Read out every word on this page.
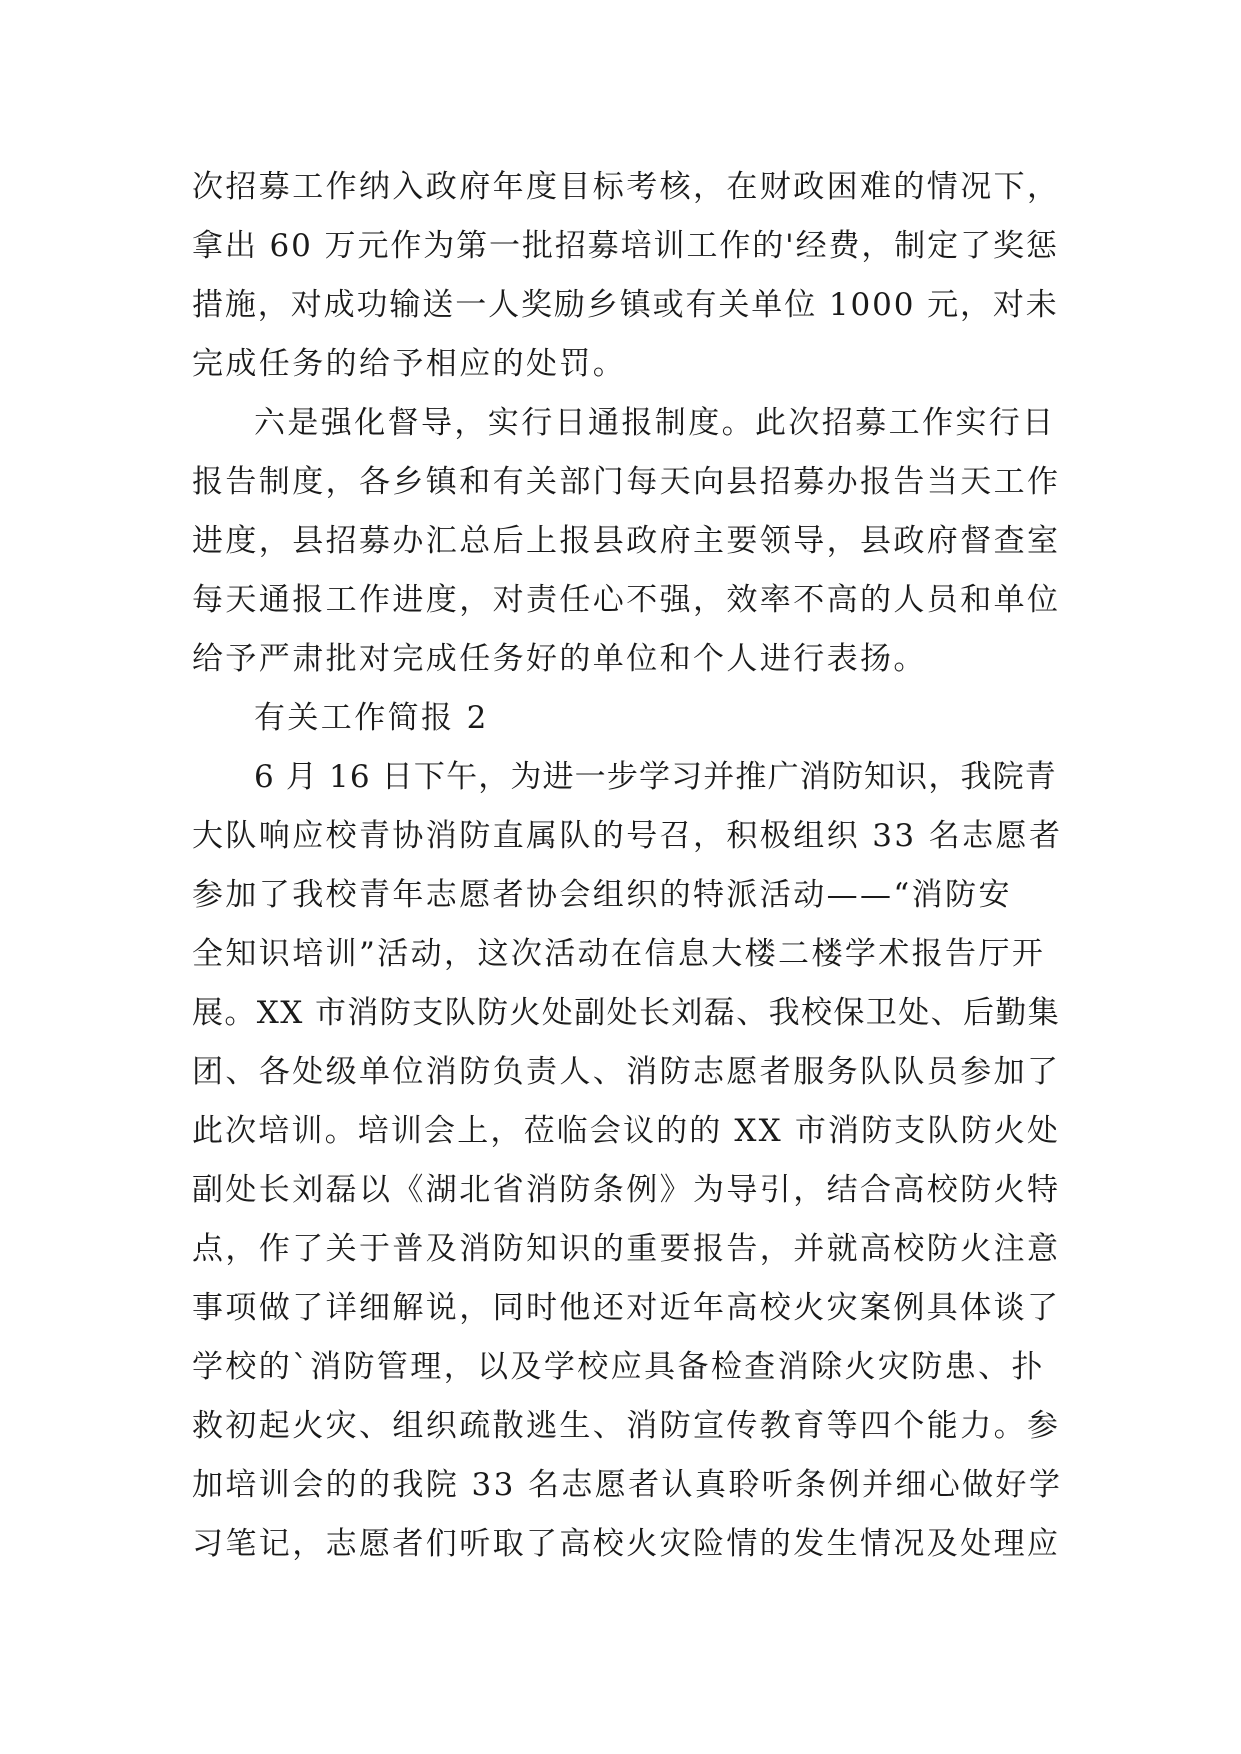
次招募工作纳入政府年度目标考核，在财政困难的情况下，
拿出 60 万元作为第一批招募培训工作的'经费，制定了奖惩
措施，对成功输送一人奖励乡镇或有关单位 1000 元，对未
完成任务的给予相应的处罚。
六是强化督导，实行日通报制度。此次招募工作实行日
报告制度，各乡镇和有关部门每天向县招募办报告当天工作
进度，县招募办汇总后上报县政府主要领导，县政府督查室
每天通报工作进度，对责任心不强，效率不高的人员和单位
给予严肃批对完成任务好的单位和个人进行表扬。
有关工作简报 2
6 月 16 日下午，为进一步学习并推广消防知识，我院青
大队响应校青协消防直属队的号召，积极组织 33 名志愿者
参加了我校青年志愿者协会组织的特派活动——“消防安
全知识培训”活动，这次活动在信息大楼二楼学术报告厅开
展。XX 市消防支队防火处副处长刘磊、我校保卫处、后勤集
团、各处级单位消防负责人、消防志愿者服务队队员参加了
此次培训。培训会上，莅临会议的的 XX 市消防支队防火处
副处长刘磊以《湖北省消防条例》为导引，结合高校防火特
点，作了关于普及消防知识的重要报告，并就高校防火注意
事项做了详细解说，同时他还对近年高校火灾案例具体谈了
学校的`消防管理，以及学校应具备检查消除火灾防患、扑
救初起火灾、组织疏散逃生、消防宣传教育等四个能力。参
加培训会的的我院 33 名志愿者认真聆听条例并细心做好学
习笔记，志愿者们听取了高校火灾险情的发生情况及处理应
